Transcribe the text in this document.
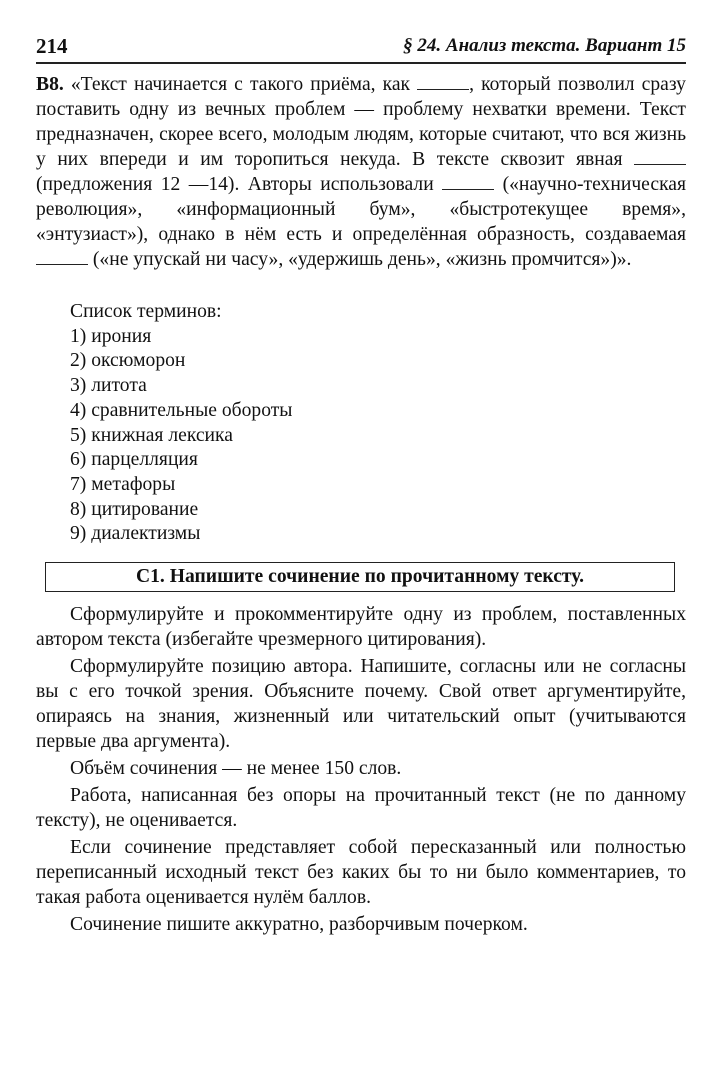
214	§ 24. Анализ текста. Вариант 15
В8. «Текст начинается с такого приёма, как	, который позволил сразу поставить одну из вечных проблем — проблему нехватки времени. Текст предназначен, скорее всего, молодым людям, которые считают, что вся жизнь у них впереди и им торопиться некуда. В тексте сквозит явная  (предложения 12 —14). Авторы использовали	(«научно-техническая революция», «информационный бум», «быстротекущее время», «энтузиаст»), однако в нём есть и определённая образность, создаваемая  («не упускай ни часу», «удержишь день», «жизнь промчится»)».
Список терминов:
1) ирония
2) оксюморон
3) литота
4) сравнительные обороты
5) книжная лексика
6) парцелляция
7) метафоры
8) цитирование
9) диалектизмы
С1. Напишите сочинение по прочитанному тексту.

Сформулируйте и прокомментируйте одну из проблем, поставленных автором текста (избегайте чрезмерного цитирования).

Сформулируйте позицию автора. Напишите, согласны или не согласны вы с его точкой зрения. Объясните почему. Свой ответ аргументируйте, опираясь на знания, жизненный или читательский опыт (учитываются первые два аргумента).

Объём сочинения — не менее 150 слов.

Работа, написанная без опоры на прочитанный текст (не по данному тексту), не оценивается.

Если сочинение представляет собой пересказанный или полностью переписанный исходный текст без каких бы то ни было комментариев, то такая работа оценивается нулём баллов.

Сочинение пишите аккуратно, разборчивым почерком.
